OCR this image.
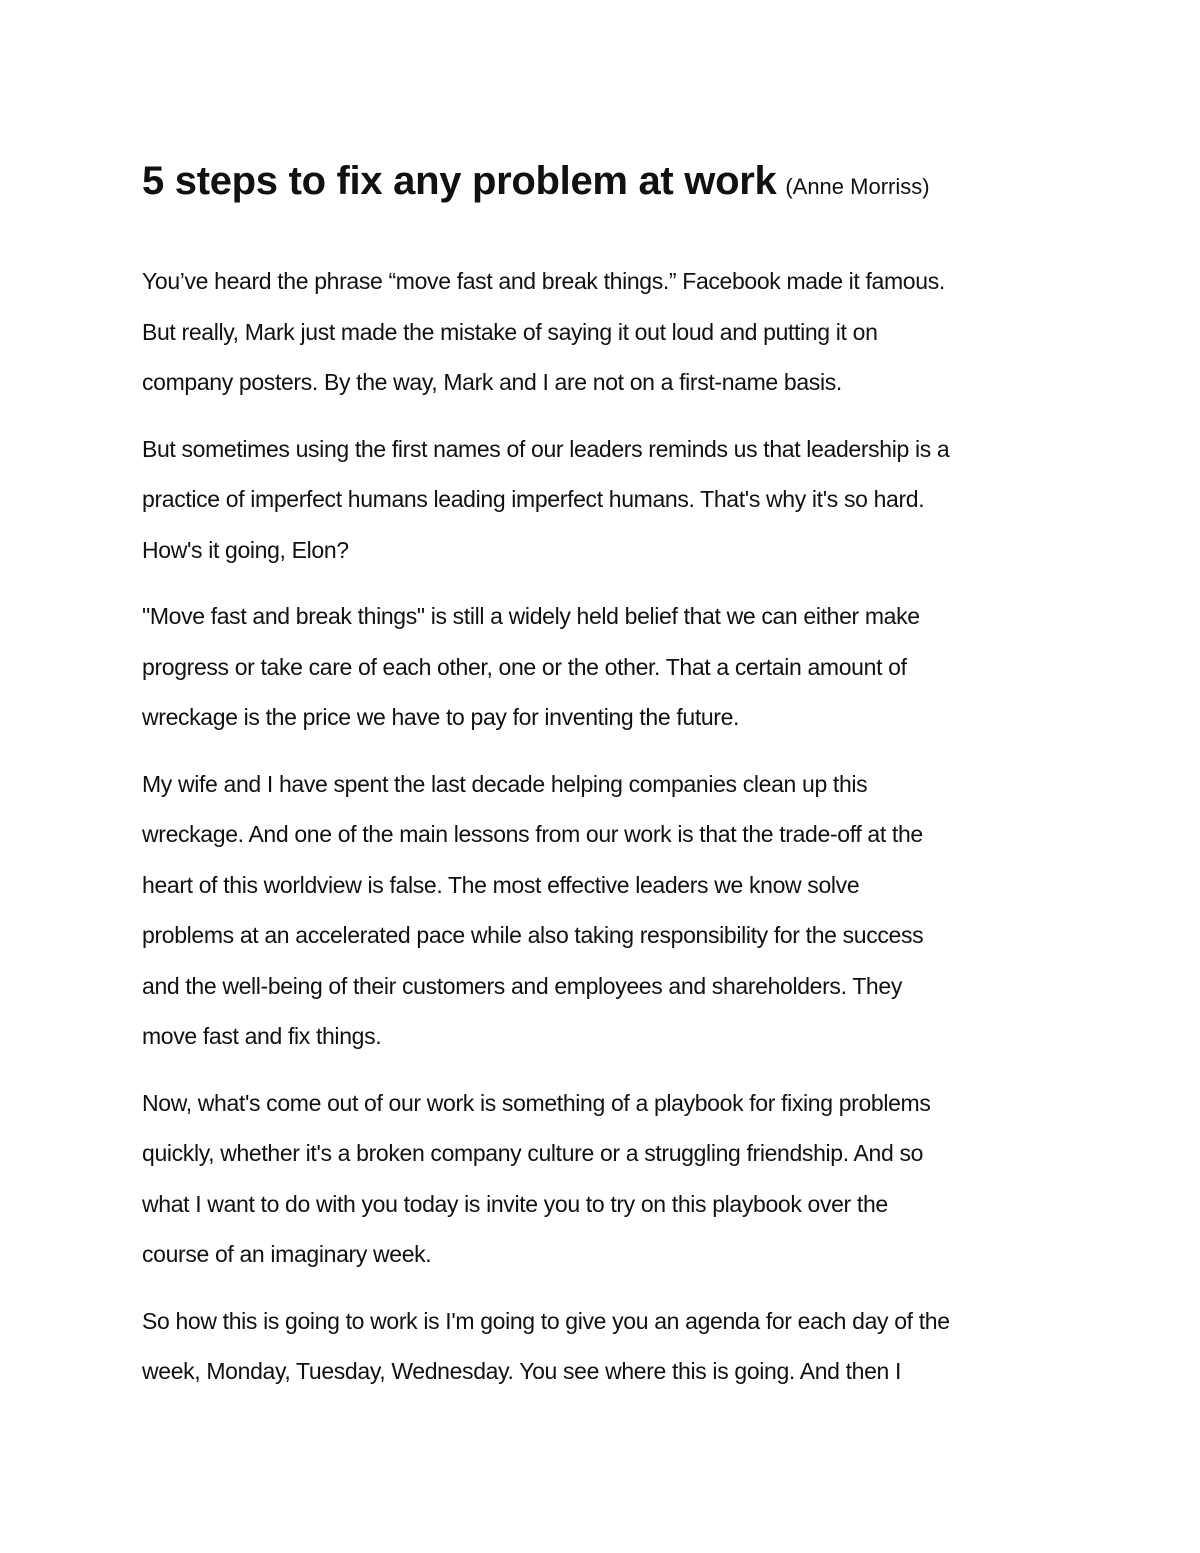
5 steps to fix any problem at work (Anne Morriss)
You’ve heard the phrase “move fast and break things.” Facebook made it famous.
But really, Mark just made the mistake of saying it out loud and putting it on
company posters. By the way, Mark and I are not on a first-name basis.
But sometimes using the first names of our leaders reminds us that leadership is a
practice of imperfect humans leading imperfect humans. That's why it's so hard.
How's it going, Elon?
"Move fast and break things" is still a widely held belief that we can either make
progress or take care of each other, one or the other. That a certain amount of
wreckage is the price we have to pay for inventing the future.
My wife and I have spent the last decade helping companies clean up this
wreckage. And one of the main lessons from our work is that the trade-off at the
heart of this worldview is false. The most effective leaders we know solve
problems at an accelerated pace while also taking responsibility for the success
and the well-being of their customers and employees and shareholders. They
move fast and fix things.
Now, what's come out of our work is something of a playbook for fixing problems
quickly, whether it's a broken company culture or a struggling friendship. And so
what I want to do with you today is invite you to try on this playbook over the
course of an imaginary week.
So how this is going to work is I'm going to give you an agenda for each day of the
week, Monday, Tuesday, Wednesday. You see where this is going. And then I
